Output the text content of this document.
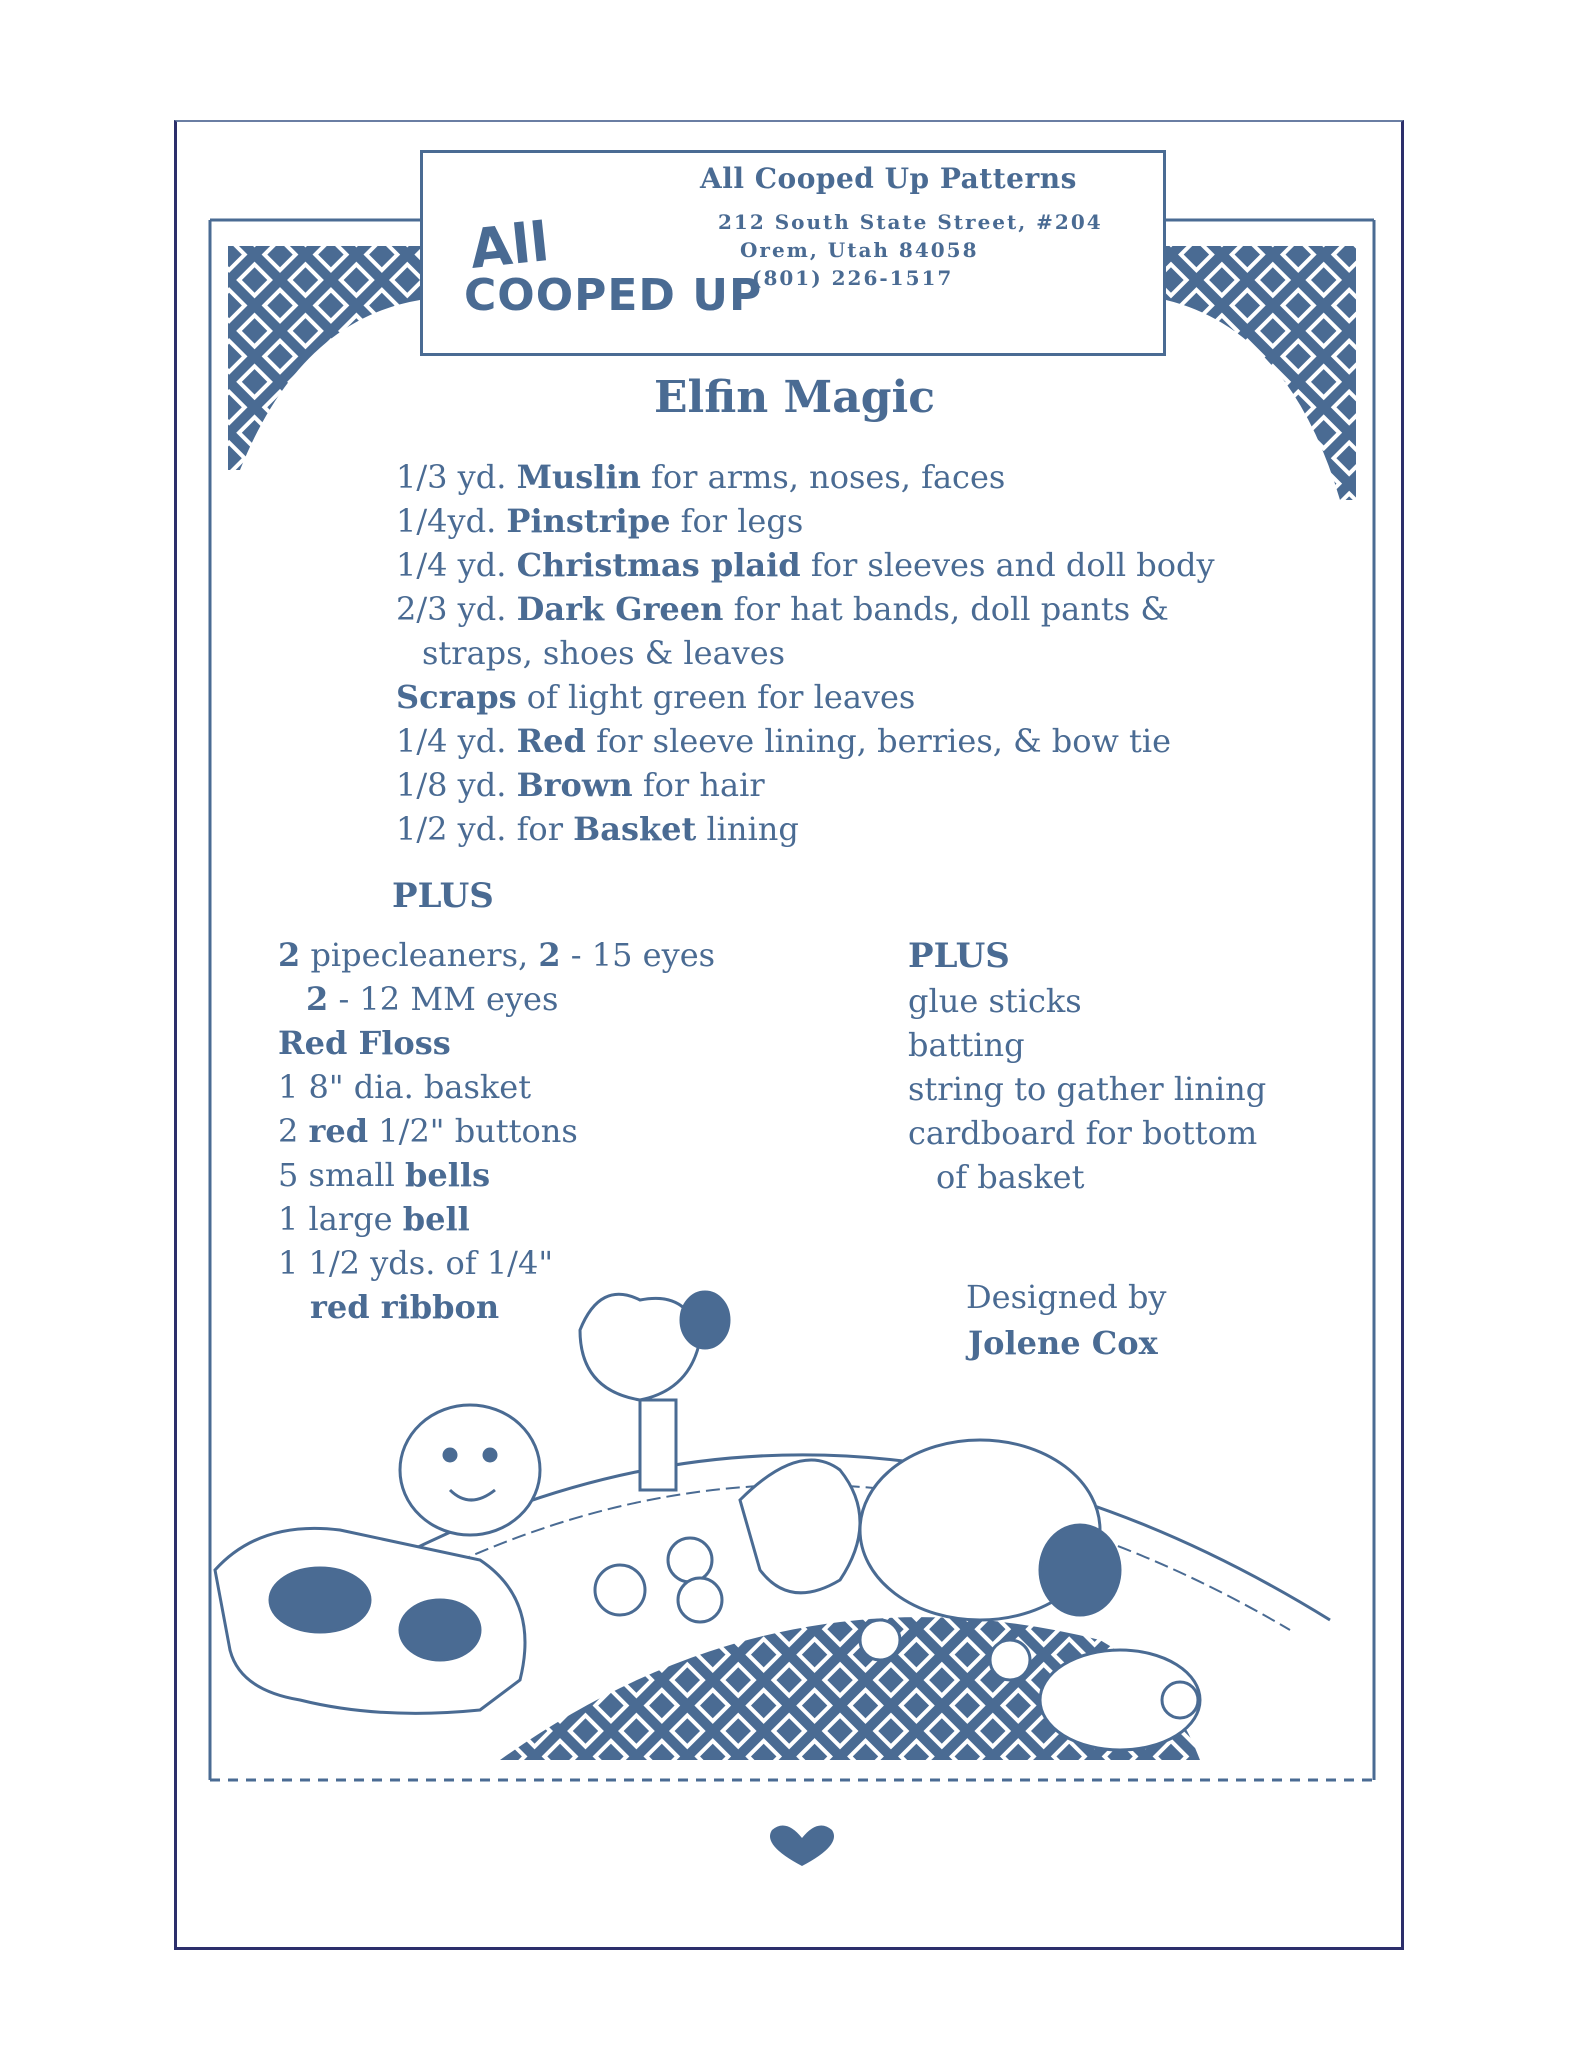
All
COOPED UP
All Cooped Up Patterns
212 South State Street, #204
Orem, Utah 84058
(801) 226-1517
Elfin Magic
1/3 yd. Muslin for arms, noses, faces
1/4yd. Pinstripe for legs
1/4 yd. Christmas plaid for sleeves and doll body
2/3 yd. Dark Green for hat bands, doll pants &
straps, shoes & leaves
Scraps of light green for leaves
1/4 yd. Red for sleeve lining, berries, & bow tie
1/8 yd. Brown for hair
1/2 yd. for Basket lining
PLUS
2 pipecleaners, 2 - 15 eyes
2 - 12 MM eyes
Red Floss
1 8" dia. basket
2 red 1/2" buttons
5 small bells
1 large bell
1 1/2 yds. of 1/4"
red ribbon
PLUS
glue sticks
batting
string to gather lining
cardboard for bottom
of basket
Designed by
Jolene Cox
